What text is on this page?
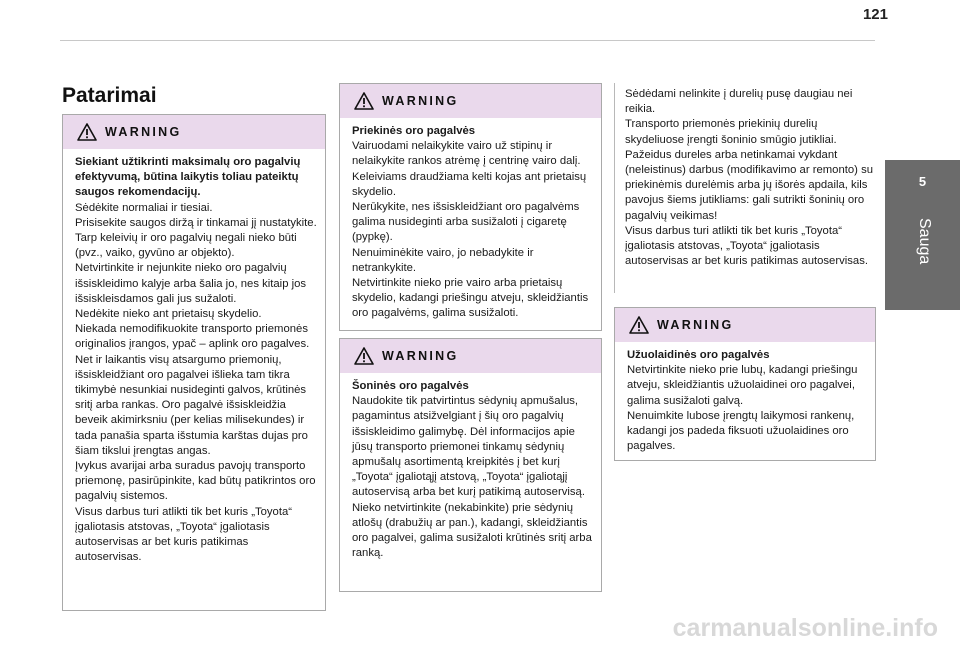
121
5
Sauga
Patarimai
WARNING
Siekiant užtikrinti maksimalų oro pagalvių efektyvumą, būtina laikytis toliau pateiktų saugos rekomendacijų.
Sėdėkite normaliai ir tiesiai.
Prisisekite saugos diržą ir tinkamai jį nustatykite.
Tarp keleivių ir oro pagalvių negali nieko būti (pvz., vaiko, gyvūno ar objekto).
Netvirtinkite ir nejunkite nieko oro pagalvių išsiskleidimo kalyje arba šalia jo, nes kitaip jos išsiskleisdamos gali jus sužaloti.
Nedėkite nieko ant prietaisų skydelio.
Niekada nemodifikuokite transporto priemonės originalios įrangos, ypač – aplink oro pagalves.
Net ir laikantis visų atsargumo priemonių, išsiskleidžiant oro pagalvei išlieka tam tikra tikimybė nesunkiai nusideginti galvos, krūtinės sritį arba rankas. Oro pagalvė išsiskleidžia beveik akimirksniu (per kelias milisekundes) ir tada panašia sparta išstumia karštas dujas pro šiam tikslui įrengtas angas.
Įvykus avarijai arba suradus pavojų transporto priemonę, pasirūpinkite, kad būtų patikrintos oro pagalvių sistemos.
Visus darbus turi atlikti tik bet kuris „Toyota“ įgaliotasis atstovas, „Toyota“ įgaliotasis autoservisas ar bet kuris patikimas autoservisas.
WARNING
Priekinės oro pagalvės
Vairuodami nelaikykite vairo už stipinų ir nelaikykite rankos atrėmę į centrinę vairo dalį.
Keleiviams draudžiama kelti kojas ant prietaisų skydelio.
Nerūkykite, nes išsiskleidžiant oro pagalvėms galima nusideginti arba susižaloti į cigaretę (pypkę).
Nenuiminėkite vairo, jo nebadykite ir netrankykite.
Netvirtinkite nieko prie vairo arba prietaisų skydelio, kadangi priešingu atveju, skleidžiantis oro pagalvėms, galima susižaloti.
WARNING
Šoninės oro pagalvės
Naudokite tik patvirtintus sėdynių apmušalus, pagamintus atsižvelgiant į šių oro pagalvių išsiskleidimo galimybę. Dėl informacijos apie jūsų transporto priemonei tinkamų sėdynių apmušalų asortimentą kreipkitės į bet kurį „Toyota“ įgaliotąjį atstovą, „Toyota“ įgaliotąjį autoservisą arba bet kurį patikimą autoservisą.
Nieko netvirtinkite (nekabinkite) prie sėdynių atlošų (drabužių ar pan.), kadangi, skleidžiantis oro pagalvei, galima susižaloti krūtinės sritį arba ranką.
Sėdėdami nelinkite į durelių pusę daugiau nei reikia.
Transporto priemonės priekinių durelių skydeliuose įrengti šoninio smūgio jutikliai. Pažeidus dureles arba netinkamai vykdant (neleistinus) darbus (modifikavimo ar remonto) su priekinėmis durelėmis arba jų išorės apdaila, kils pavojus šiems jutikliams: gali sutrikti šoninių oro pagalvių veikimas!
Visus darbus turi atlikti tik bet kuris „Toyota“ įgaliotasis atstovas, „Toyota“ įgaliotasis autoservisas ar bet kuris patikimas autoservisas.
WARNING
Užuolaidinės oro pagalvės
Netvirtinkite nieko prie lubų, kadangi priešingu atveju, skleidžiantis užuolaidinei oro pagalvei, galima susižaloti galvą.
Nenuimkite lubose įrengtų laikymosi rankenų, kadangi jos padeda fiksuoti užuolaidines oro pagalves.
carmanualsonline.info
